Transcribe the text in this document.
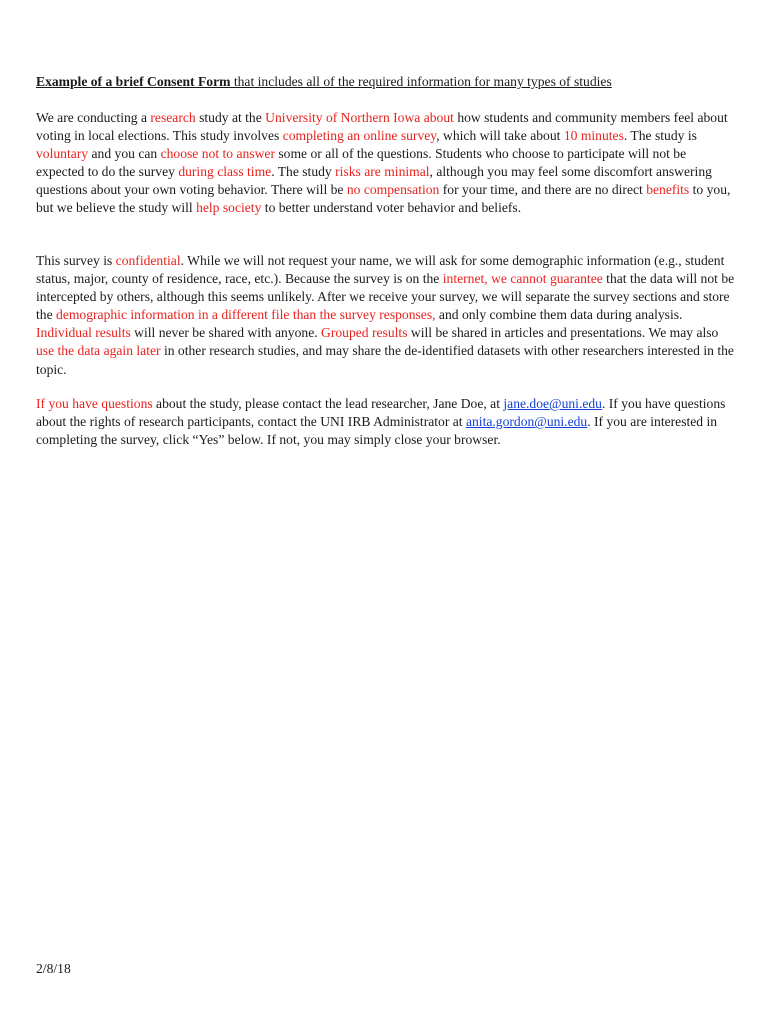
Example of a brief Consent Form that includes all of the required information for many types of studies
We are conducting a research study at the University of Northern Iowa about how students and community members feel about voting in local elections. This study involves completing an online survey, which will take about 10 minutes. The study is voluntary and you can choose not to answer some or all of the questions. Students who choose to participate will not be expected to do the survey during class time. The study risks are minimal, although you may feel some discomfort answering questions about your own voting behavior. There will be no compensation for your time, and there are no direct benefits to you, but we believe the study will help society to better understand voter behavior and beliefs.
This survey is confidential. While we will not request your name, we will ask for some demographic information (e.g., student status, major, county of residence, race, etc.). Because the survey is on the internet, we cannot guarantee that the data will not be intercepted by others, although this seems unlikely. After we receive your survey, we will separate the survey sections and store the demographic information in a different file than the survey responses, and only combine them data during analysis. Individual results will never be shared with anyone. Grouped results will be shared in articles and presentations. We may also use the data again later in other research studies, and may share the de-identified datasets with other researchers interested in the topic.
If you have questions about the study, please contact the lead researcher, Jane Doe, at jane.doe@uni.edu. If you have questions about the rights of research participants, contact the UNI IRB Administrator at anita.gordon@uni.edu. If you are interested in completing the survey, click “Yes” below. If not, you may simply close your browser.
2/8/18
